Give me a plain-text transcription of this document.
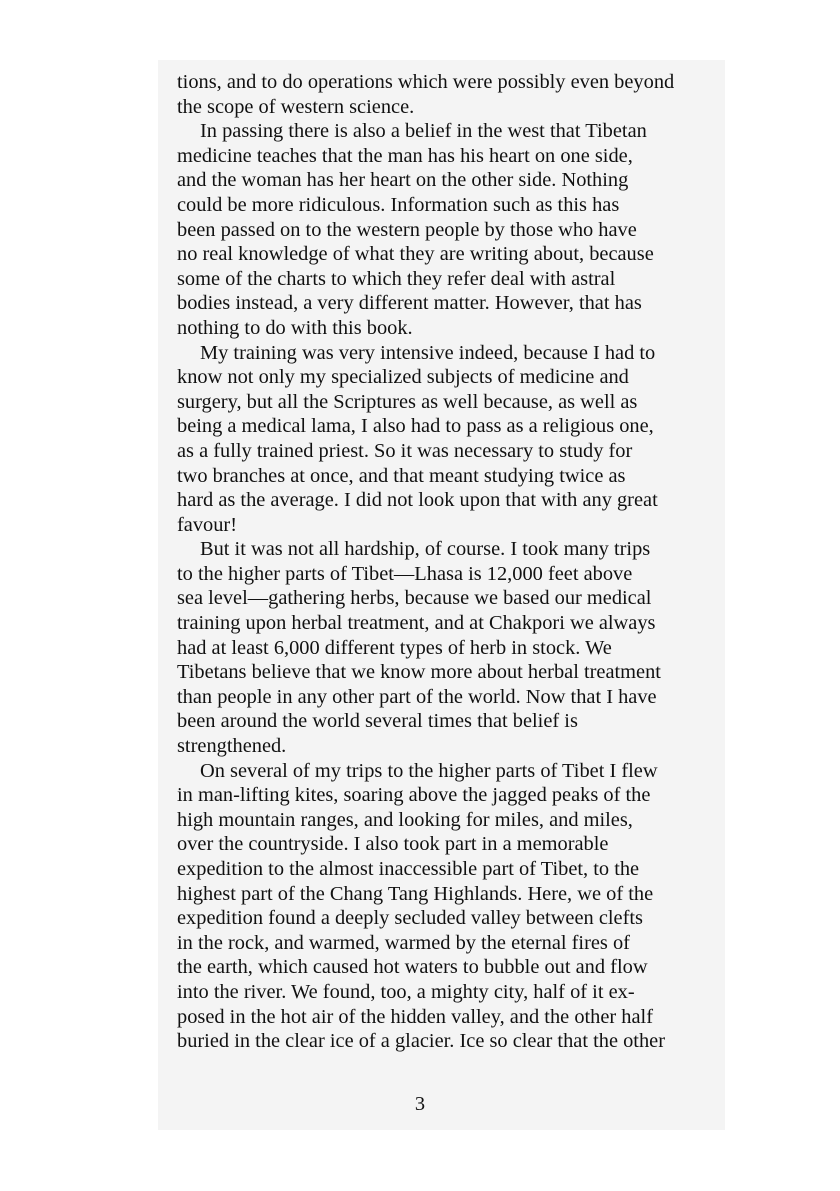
tions, and to do operations which were possibly even beyond
the scope of western science.
In passing there is also a belief in the west that Tibetan
medicine teaches that the man has his heart on one side,
and the woman has her heart on the other side. Nothing
could be more ridiculous. Information such as this has
been passed on to the western people by those who have
no real knowledge of what they are writing about, because
some of the charts to which they refer deal with astral
bodies instead, a very different matter. However, that has
nothing to do with this book.
My training was very intensive indeed, because I had to
know not only my specialized subjects of medicine and
surgery, but all the Scriptures as well because, as well as
being a medical lama, I also had to pass as a religious one,
as a fully trained priest. So it was necessary to study for
two branches at once, and that meant studying twice as
hard as the average. I did not look upon that with any great
favour!
But it was not all hardship, of course. I took many trips
to the higher parts of Tibet—Lhasa is 12,000 feet above
sea level—gathering herbs, because we based our medical
training upon herbal treatment, and at Chakpori we always
had at least 6,000 different types of herb in stock. We
Tibetans believe that we know more about herbal treatment
than people in any other part of the world. Now that I have
been around the world several times that belief is
strengthened.
On several of my trips to the higher parts of Tibet I flew
in man-lifting kites, soaring above the jagged peaks of the
high mountain ranges, and looking for miles, and miles,
over the countryside. I also took part in a memorable
expedition to the almost inaccessible part of Tibet, to the
highest part of the Chang Tang Highlands. Here, we of the
expedition found a deeply secluded valley between clefts
in the rock, and warmed, warmed by the eternal fires of
the earth, which caused hot waters to bubble out and flow
into the river. We found, too, a mighty city, half of it ex-
posed in the hot air of the hidden valley, and the other half
buried in the clear ice of a glacier. Ice so clear that the other
3
